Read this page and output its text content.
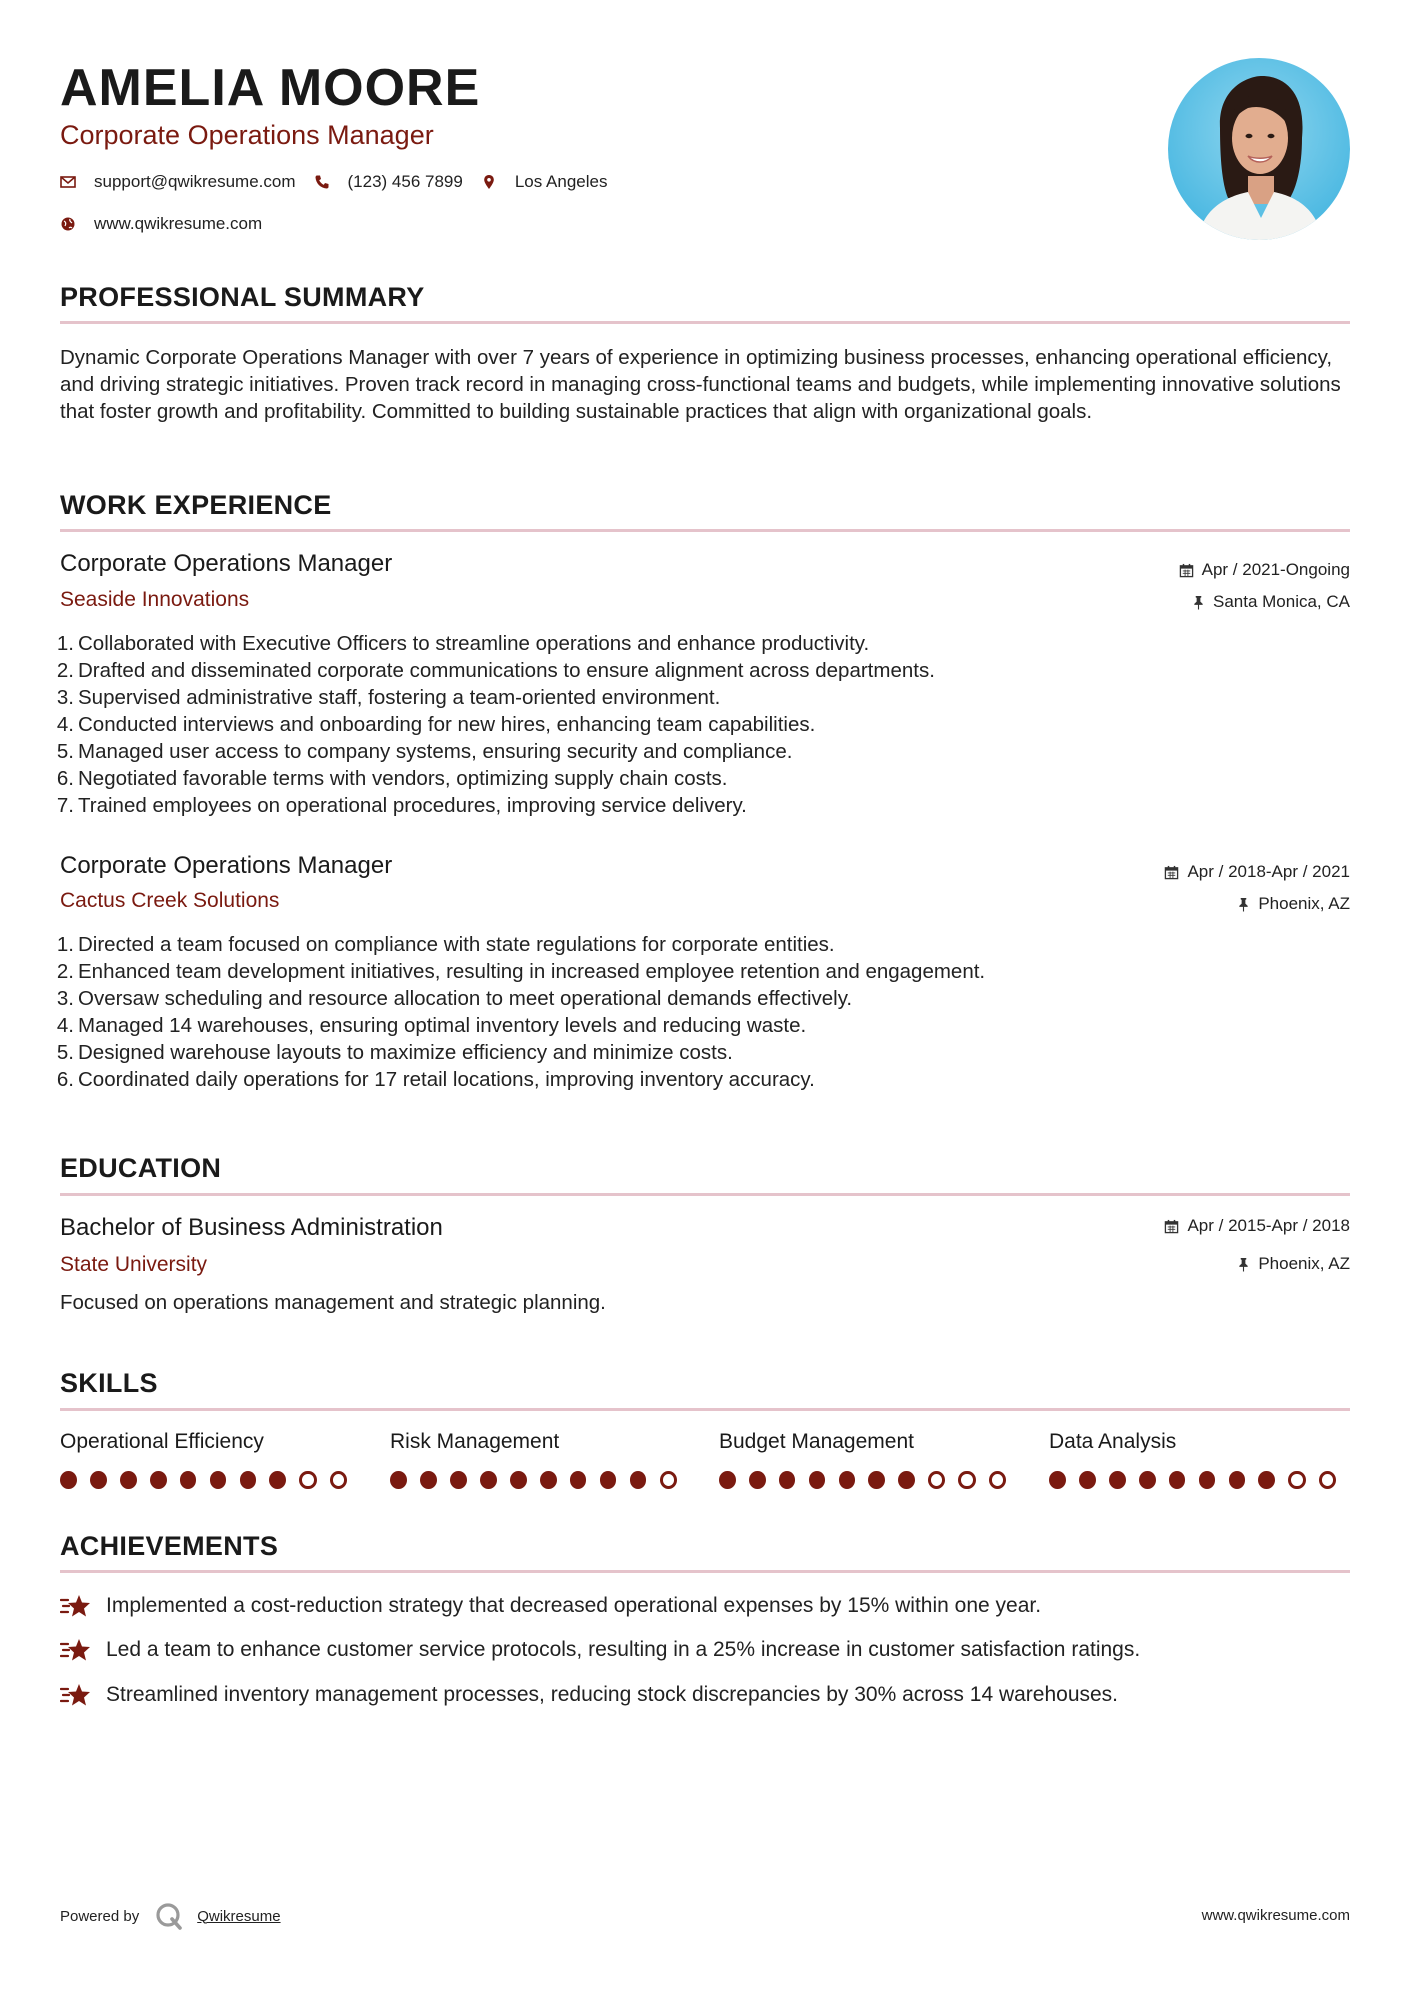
AMELIA MOORE
Corporate Operations Manager
support@qwikresume.com	(123) 456 7899	Los Angeles
www.qwikresume.com
PROFESSIONAL SUMMARY
Dynamic Corporate Operations Manager with over 7 years of experience in optimizing business processes, enhancing operational efficiency, and driving strategic initiatives. Proven track record in managing cross-functional teams and budgets, while implementing innovative solutions that foster growth and profitability. Committed to building sustainable practices that align with organizational goals.
WORK EXPERIENCE
Corporate Operations Manager
Seaside Innovations
Apr / 2021-Ongoing
Santa Monica, CA
1. Collaborated with Executive Officers to streamline operations and enhance productivity.
2. Drafted and disseminated corporate communications to ensure alignment across departments.
3. Supervised administrative staff, fostering a team-oriented environment.
4. Conducted interviews and onboarding for new hires, enhancing team capabilities.
5. Managed user access to company systems, ensuring security and compliance.
6. Negotiated favorable terms with vendors, optimizing supply chain costs.
7. Trained employees on operational procedures, improving service delivery.
Corporate Operations Manager
Cactus Creek Solutions
Apr / 2018-Apr / 2021
Phoenix, AZ
1. Directed a team focused on compliance with state regulations for corporate entities.
2. Enhanced team development initiatives, resulting in increased employee retention and engagement.
3. Oversaw scheduling and resource allocation to meet operational demands effectively.
4. Managed 14 warehouses, ensuring optimal inventory levels and reducing waste.
5. Designed warehouse layouts to maximize efficiency and minimize costs.
6. Coordinated daily operations for 17 retail locations, improving inventory accuracy.
EDUCATION
Bachelor of Business Administration
State University
Apr / 2015-Apr / 2018
Phoenix, AZ
Focused on operations management and strategic planning.
SKILLS
Operational Efficiency	Risk Management	Budget Management	Data Analysis
ACHIEVEMENTS
Implemented a cost-reduction strategy that decreased operational expenses by 15% within one year.
Led a team to enhance customer service protocols, resulting in a 25% increase in customer satisfaction ratings.
Streamlined inventory management processes, reducing stock discrepancies by 30% across 14 warehouses.
Powered by	Qwikresume	www.qwikresume.com
